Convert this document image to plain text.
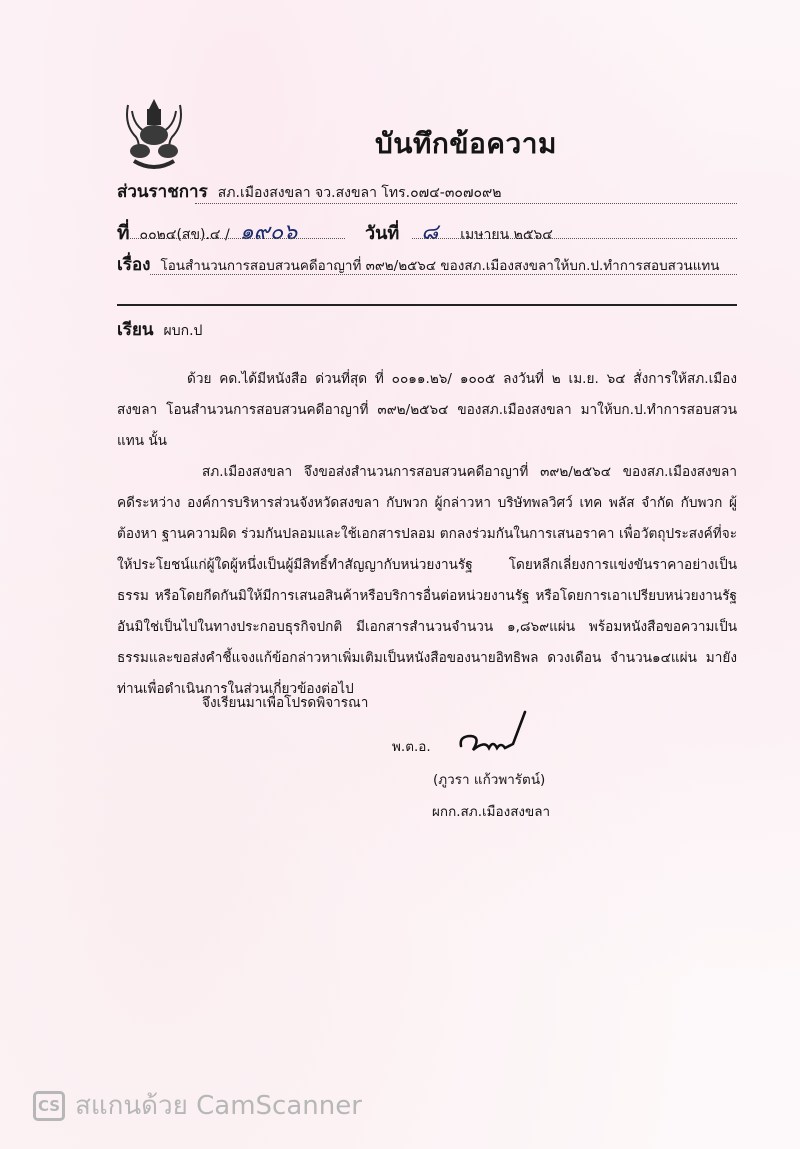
บันทึกข้อความ
ส่วนราชการ สภ.เมืองสงขลา จว.สงขลา โทร.๐๗๔-๓๐๗๐๙๒
ที่ ๐๐๒๔(สข).๔ / ๑๙๐๖	วันที่ ๘ เมษายน ๒๕๖๔
เรื่อง โอนสำนวนการสอบสวนคดีอาญาที่ ๓๙๒/๒๕๖๔ ของสภ.เมืองสงขลาให้บก.ป.ทำการสอบสวนแทน
เรียน ผบก.ป
ด้วย คด.ได้มีหนังสือ ด่วนที่สุด ที่ ๐๐๑๑.๒๖/ ๑๐๐๕ ลงวันที่ ๒ เม.ย. ๖๔ สั่งการให้สภ.เมืองสงขลา โอนสำนวนการสอบสวนคดีอาญาที่ ๓๙๒/๒๕๖๔ ของสภ.เมืองสงขลา มาให้บก.ป.ทำการสอบสวนแทน นั้น
สภ.เมืองสงขลา จึงขอส่งสำนวนการสอบสวนคดีอาญาที่ ๓๙๒/๒๕๖๔ ของสภ.เมืองสงขลา คดีระหว่าง องค์การบริหารส่วนจังหวัดสงขลา กับพวก ผู้กล่าวหา บริษัทพลวิศว์ เทค พลัส จำกัด กับพวก ผู้ต้องหา ฐานความผิด ร่วมกันปลอมและใช้เอกสารปลอม ตกลงร่วมกันในการเสนอราคา เพื่อวัตถุประสงค์ที่จะให้ประโยชน์แก่ผู้ใดผู้หนึ่งเป็นผู้มีสิทธิ์ทำสัญญากับหน่วยงานรัฐ โดยหลีกเลี่ยงการแข่งขันราคาอย่างเป็นธรรม หรือโดยกีดกันมิให้มีการเสนอสินค้าหรือบริการอื่นต่อหน่วยงานรัฐ หรือโดยการเอาเปรียบหน่วยงานรัฐอันมิใช่เป็นไปในทางประกอบธุรกิจปกติ มีเอกสารสำนวนจำนวน ๑,๘๖๙แผ่น พร้อมหนังสือขอความเป็นธรรมและขอส่งคำชี้แจงแก้ข้อกล่าวหาเพิ่มเติมเป็นหนังสือของนายอิทธิพล ดวงเดือน จำนวน๑๔แผ่น มายังท่านเพื่อดำเนินการในส่วนเกี่ยวข้องต่อไป
จึงเรียนมาเพื่อโปรดพิจารณา
พ.ต.อ.
(ภูวรา แก้วพารัตน์)
ผกก.สภ.เมืองสงขลา
CS สแกนด้วย CamScanner
